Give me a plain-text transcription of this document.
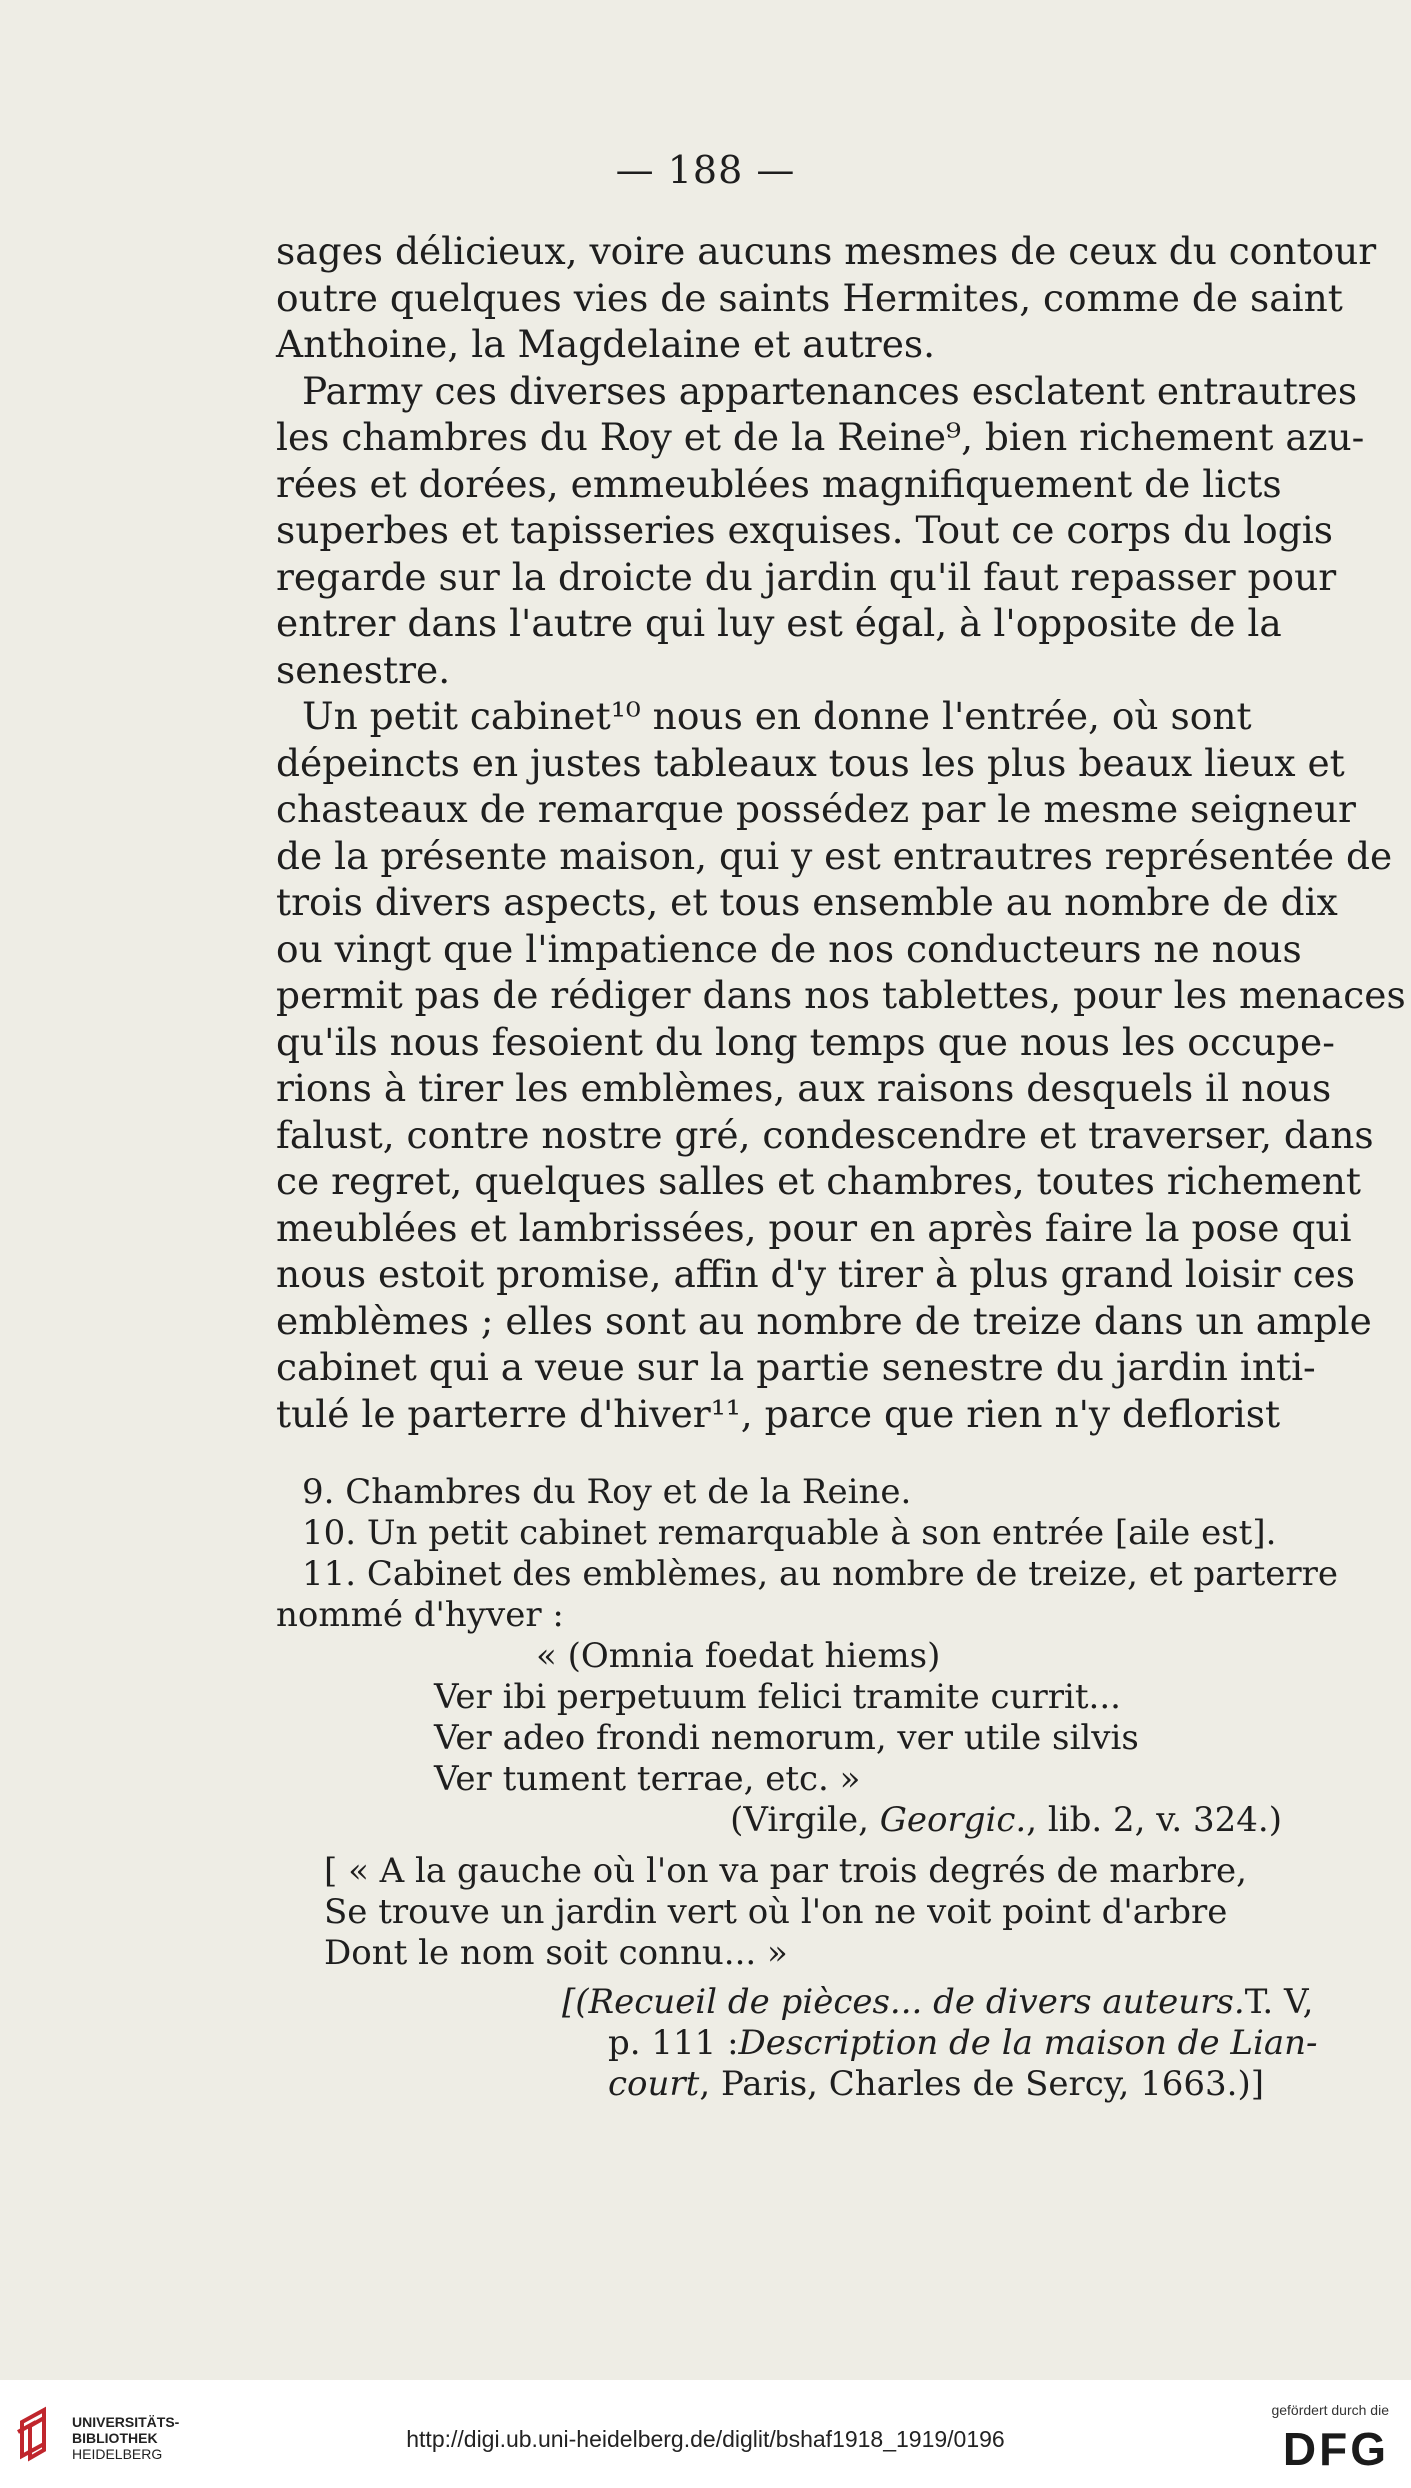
— 188 —
sages délicieux, voire aucuns mesmes de ceux du contour
outre quelques vies de saints Hermites, comme de saint
Anthoine, la Magdelaine et autres.
Parmy ces diverses appartenances esclatent entrautres
les chambres du Roy et de la Reine⁹, bien richement azu-
rées et dorées, emmeublées magnifiquement de licts
superbes et tapisseries exquises. Tout ce corps du logis
regarde sur la droicte du jardin qu'il faut repasser pour
entrer dans l'autre qui luy est égal, à l'opposite de la
senestre.
Un petit cabinet¹⁰ nous en donne l'entrée, où sont
dépeincts en justes tableaux tous les plus beaux lieux et
chasteaux de remarque possédez par le mesme seigneur
de la présente maison, qui y est entrautres représentée de
trois divers aspects, et tous ensemble au nombre de dix
ou vingt que l'impatience de nos conducteurs ne nous
permit pas de rédiger dans nos tablettes, pour les menaces
qu'ils nous fesoient du long temps que nous les occupe-
rions à tirer les emblèmes, aux raisons desquels il nous
falust, contre nostre gré, condescendre et traverser, dans
ce regret, quelques salles et chambres, toutes richement
meublées et lambrissées, pour en après faire la pose qui
nous estoit promise, affin d'y tirer à plus grand loisir ces
emblèmes ; elles sont au nombre de treize dans un ample
cabinet qui a veue sur la partie senestre du jardin inti-
tulé le parterre d'hiver¹¹, parce que rien n'y deflorist
9. Chambres du Roy et de la Reine.
10. Un petit cabinet remarquable à son entrée [aile est].
11. Cabinet des emblèmes, au nombre de treize, et parterre
nommé d'hyver :
« (Omnia foedat hiems)
Ver ibi perpetuum felici tramite currit...
Ver adeo frondi nemorum, ver utile silvis
Ver tument terrae, etc. »
(Virgile, Georgic., lib. 2, v. 324.)
[ « A la gauche où l'on va par trois degrés de marbre,
Se trouve un jardin vert où l'on ne voit point d'arbre
Dont le nom soit connu... »
[(Recueil de pièces... de divers auteurs. T. V,
p. 111 : Description de la maison de Lian-
court, Paris, Charles de Sercy, 1663.)]
UNIVERSITÄTS-
BIBLIOTHEK
HEIDELBERG
http://digi.ub.uni-heidelberg.de/diglit/bshaf1918_1919/0196
gefördert durch die
DFG
